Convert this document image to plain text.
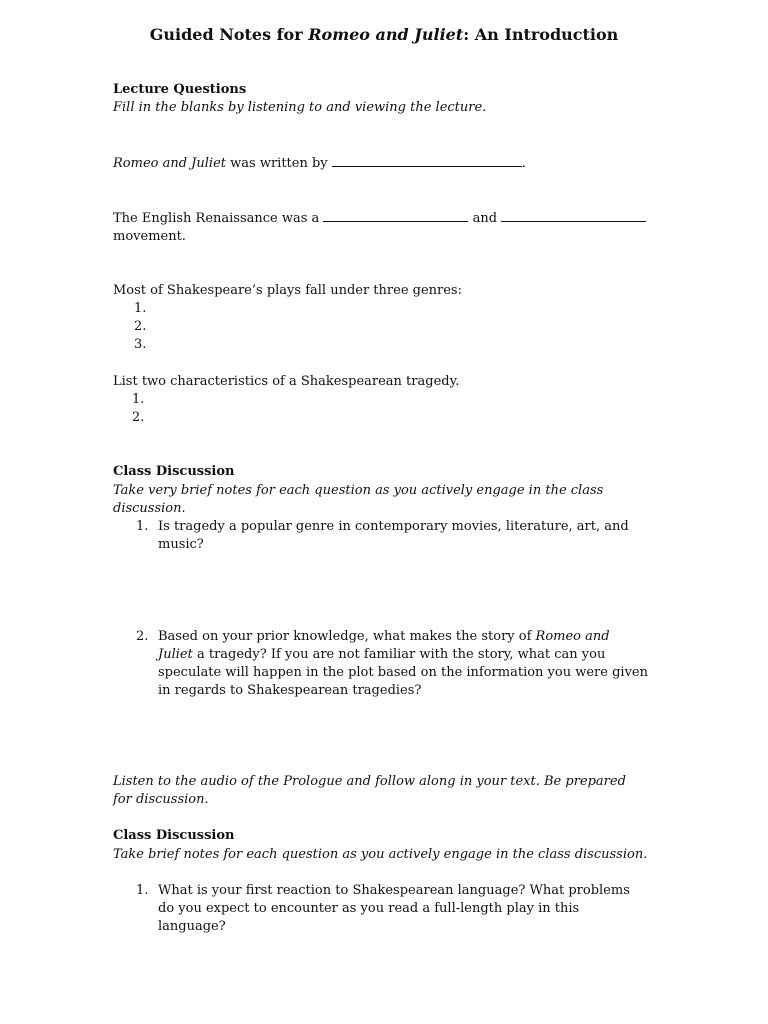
Guided Notes for Romeo and Juliet: An Introduction
Lecture Questions
Fill in the blanks by listening to and viewing the lecture.
Romeo and Juliet was written by	.
The English Renaissance was a	and
movement.
Most of Shakespeare’s plays fall under three genres:
1.
2.
3.
List two characteristics of a Shakespearean tragedy.
1.
2.
Class Discussion
Take very brief notes for each question as you actively engage in the class discussion.
1. Is tragedy a popular genre in contemporary movies, literature, art, and music?
2. Based on your prior knowledge, what makes the story of Romeo and Juliet a tragedy? If you are not familiar with the story, what can you speculate will happen in the plot based on the information you were given in regards to Shakespearean tragedies?
Listen to the audio of the Prologue and follow along in your text. Be prepared for discussion.
Class Discussion
Take brief notes for each question as you actively engage in the class discussion.
1. What is your first reaction to Shakespearean language? What problems do you expect to encounter as you read a full-length play in this language?
